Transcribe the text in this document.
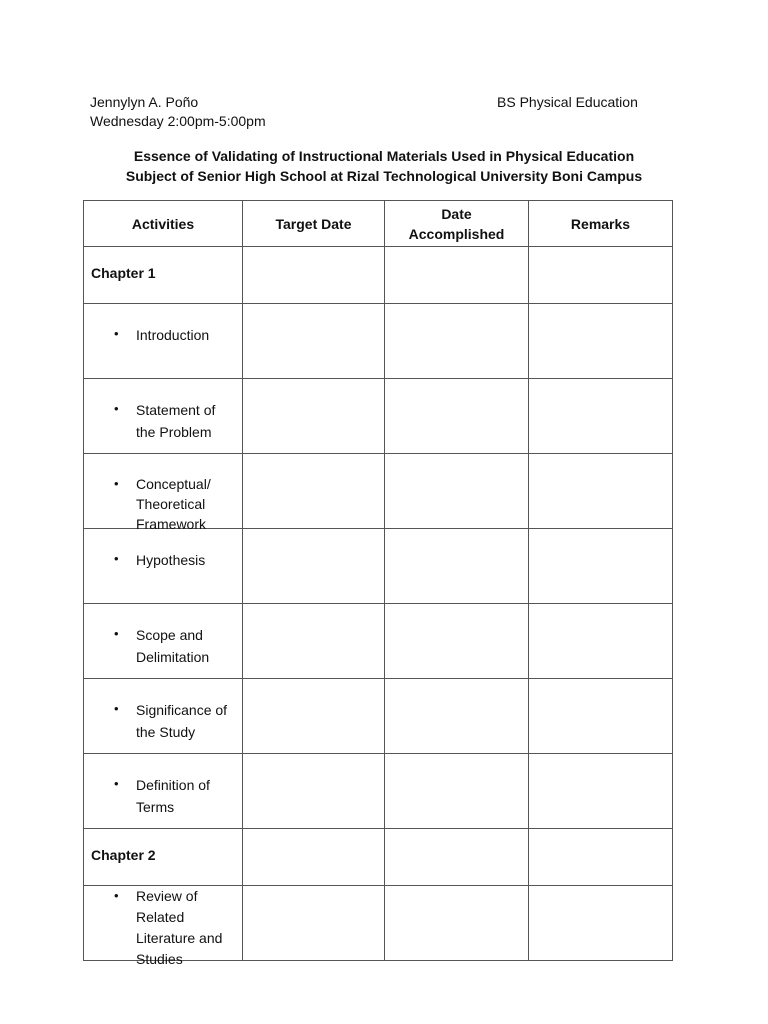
Jennylyn A. Poño
Wednesday 2:00pm-5:00pm
BS Physical Education
Essence of Validating of Instructional Materials Used in Physical Education
Subject of Senior High School at Rizal Technological University Boni Campus
Activities	Target Date	Date Accomplished	Remarks
Chapter 1			

• Introduction			

• Statement of the Problem			

• Conceptual/ Theoretical Framework			

• Hypothesis			

• Scope and Delimitation			

• Significance of the Study			

• Definition of Terms			

Chapter 2			

• Review of Related Literature and Studies			
